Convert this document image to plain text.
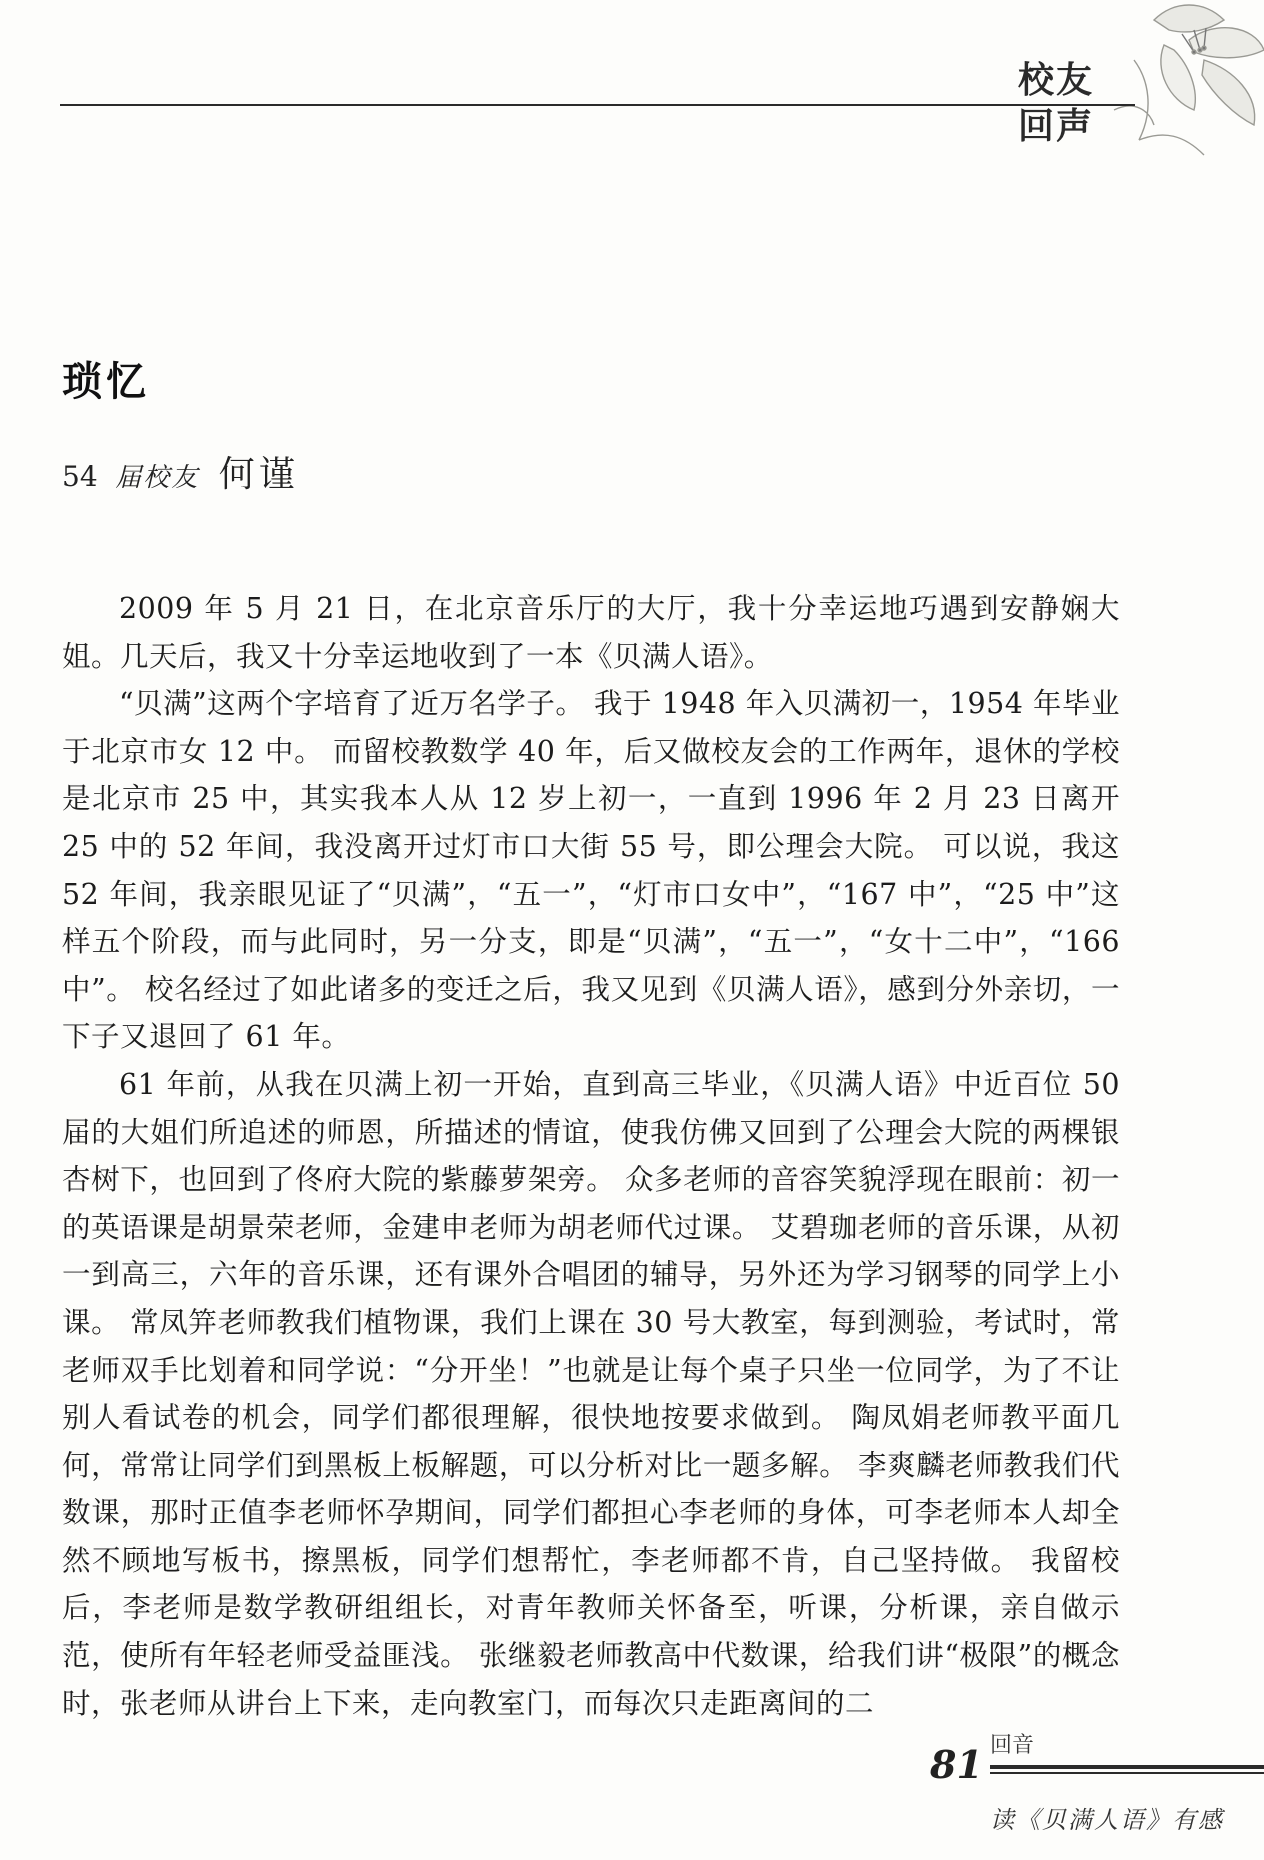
校友
回声
琐忆
54 届校友 何谨

2009 年 5 月 21 日，在北京音乐厅的大厅，我十分幸运地巧遇到安静娴大姐。几天后，我又十分幸运地收到了一本《贝满人语》。

“贝满”这两个字培育了近万名学子。 我于 1948 年入贝满初一，1954 年毕业于北京市女 12 中。 而留校教数学 40 年，后又做校友会的工作两年，退休的学校是北京市 25 中，其实我本人从 12 岁上初一，一直到 1996 年 2 月 23 日离开 25 中的 52 年间，我没离开过灯市口大街 55 号，即公理会大院。 可以说，我这 52 年间，我亲眼见证了“贝满”，“五一”，“灯市口女中”，“167 中”，“25 中”这样五个阶段，而与此同时，另一分支，即是“贝满”，“五一”，“女十二中”，“166 中”。 校名经过了如此诸多的变迁之后，我又见到《贝满人语》，感到分外亲切，一下子又退回了 61 年。

61 年前，从我在贝满上初一开始，直到高三毕业，《贝满人语》中近百位 50 届的大姐们所追述的师恩，所描述的情谊，使我仿佛又回到了公理会大院的两棵银杏树下，也回到了佟府大院的紫藤萝架旁。 众多老师的音容笑貌浮现在眼前：初一的英语课是胡景荣老师，金建申老师为胡老师代过课。 艾碧珈老师的音乐课，从初一到高三，六年的音乐课，还有课外合唱团的辅导，另外还为学习钢琴的同学上小课。 常凤笄老师教我们植物课，我们上课在 30 号大教室，每到测验，考试时，常老师双手比划着和同学说：“分开坐！”也就是让每个桌子只坐一位同学，为了不让别人看试卷的机会，同学们都很理解，很快地按要求做到。 陶凤娟老师教平面几何，常常让同学们到黑板上板解题，可以分析对比一题多解。 李爽麟老师教我们代数课，那时正值李老师怀孕期间，同学们都担心李老师的身体，可李老师本人却全然不顾地写板书，擦黑板，同学们想帮忙，李老师都不肯，自己坚持做。 我留校后，李老师是数学教研组组长，对青年教师关怀备至，听课，分析课，亲自做示范，使所有年轻老师受益匪浅。 张继毅老师教高中代数课，给我们讲“极限”的概念时，张老师从讲台上下来，走向教室门，而每次只走距离间的二

81 回音
读《贝满人语》有感
